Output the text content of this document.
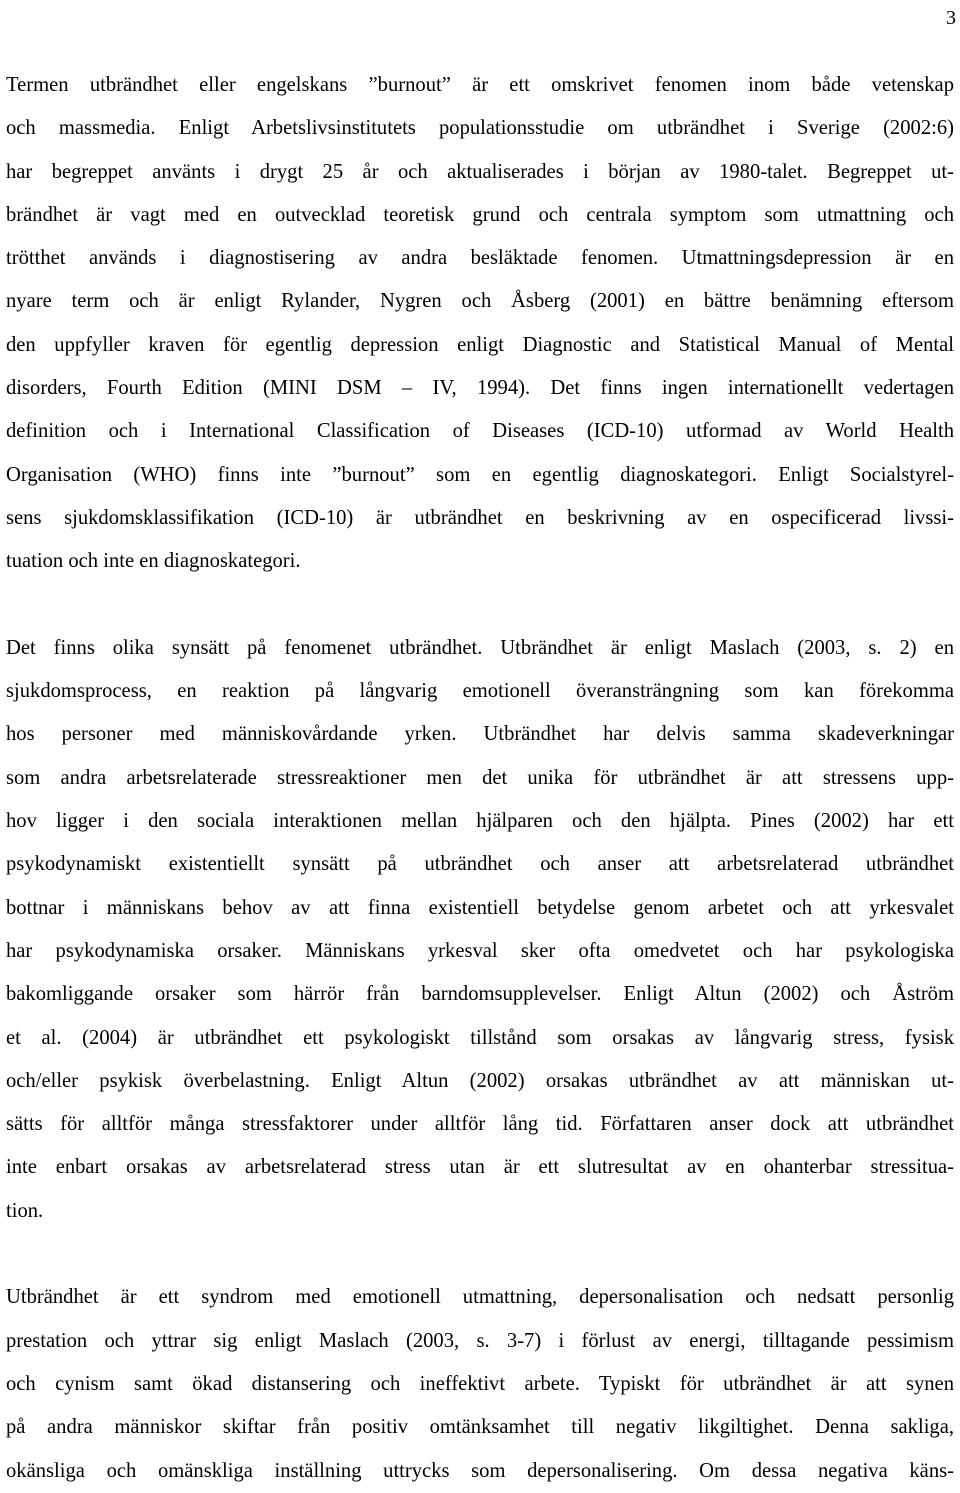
3

Termen utbrändhet eller engelskans ”burnout” är ett omskrivet fenomen inom både vetenskap
och massmedia. Enligt Arbetslivsinstitutets populationsstudie om utbrändhet i Sverige (2002:6)
har begreppet använts i drygt 25 år och aktualiserades i början av 1980-talet. Begreppet ut-
brändhet är vagt med en outvecklad teoretisk grund och centrala symptom som utmattning och
trötthet används i diagnostisering av andra besläktade fenomen. Utmattningsdepression är en
nyare term och är enligt Rylander, Nygren och Åsberg (2001) en bättre benämning eftersom
den uppfyller kraven för egentlig depression enligt Diagnostic and Statistical Manual of Mental
disorders, Fourth Edition (MINI DSM – IV, 1994). Det finns ingen internationellt vedertagen
definition och i International Classification of Diseases (ICD-10) utformad av World Health
Organisation (WHO) finns inte ”burnout” som en egentlig diagnoskategori. Enligt Socialstyrel-
sens sjukdomsklassifikation (ICD-10) är utbrändhet en beskrivning av en ospecificerad livssi-
tuation och inte en diagnoskategori.

Det finns olika synsätt på fenomenet utbrändhet. Utbrändhet är enligt Maslach (2003, s. 2) en
sjukdomsprocess, en reaktion på långvarig emotionell överansträngning som kan förekomma
hos personer med människovårdande yrken. Utbrändhet har delvis samma skadeverkningar
som andra arbetsrelaterade stressreaktioner men det unika för utbrändhet är att stressens upp-
hov ligger i den sociala interaktionen mellan hjälparen och den hjälpta. Pines (2002) har ett
psykodynamiskt existentiellt synsätt på utbrändhet och anser att arbetsrelaterad utbrändhet
bottnar i människans behov av att finna existentiell betydelse genom arbetet och att yrkesvalet
har psykodynamiska orsaker. Människans yrkesval sker ofta omedvetet och har psykologiska
bakomliggande orsaker som härrör från barndomsupplevelser. Enligt Altun (2002) och Åström
et al. (2004) är utbrändhet ett psykologiskt tillstånd som orsakas av långvarig stress, fysisk
och/eller psykisk överbelastning. Enligt Altun (2002) orsakas utbrändhet av att människan ut-
sätts för alltför många stressfaktorer under alltför lång tid. Författaren anser dock att utbrändhet
inte enbart orsakas av arbetsrelaterad stress utan är ett slutresultat av en ohanterbar stressitua-
tion.

Utbrändhet är ett syndrom med emotionell utmattning, depersonalisation och nedsatt personlig
prestation och yttrar sig enligt Maslach (2003, s. 3-7) i förlust av energi, tilltagande pessimism
och cynism samt ökad distansering och ineffektivt arbete. Typiskt för utbrändhet är att synen
på andra människor skiftar från positiv omtänksamhet till negativ likgiltighet. Denna sakliga,
okänsliga och omänskliga inställning uttrycks som depersonalisering. Om dessa negativa käns-
